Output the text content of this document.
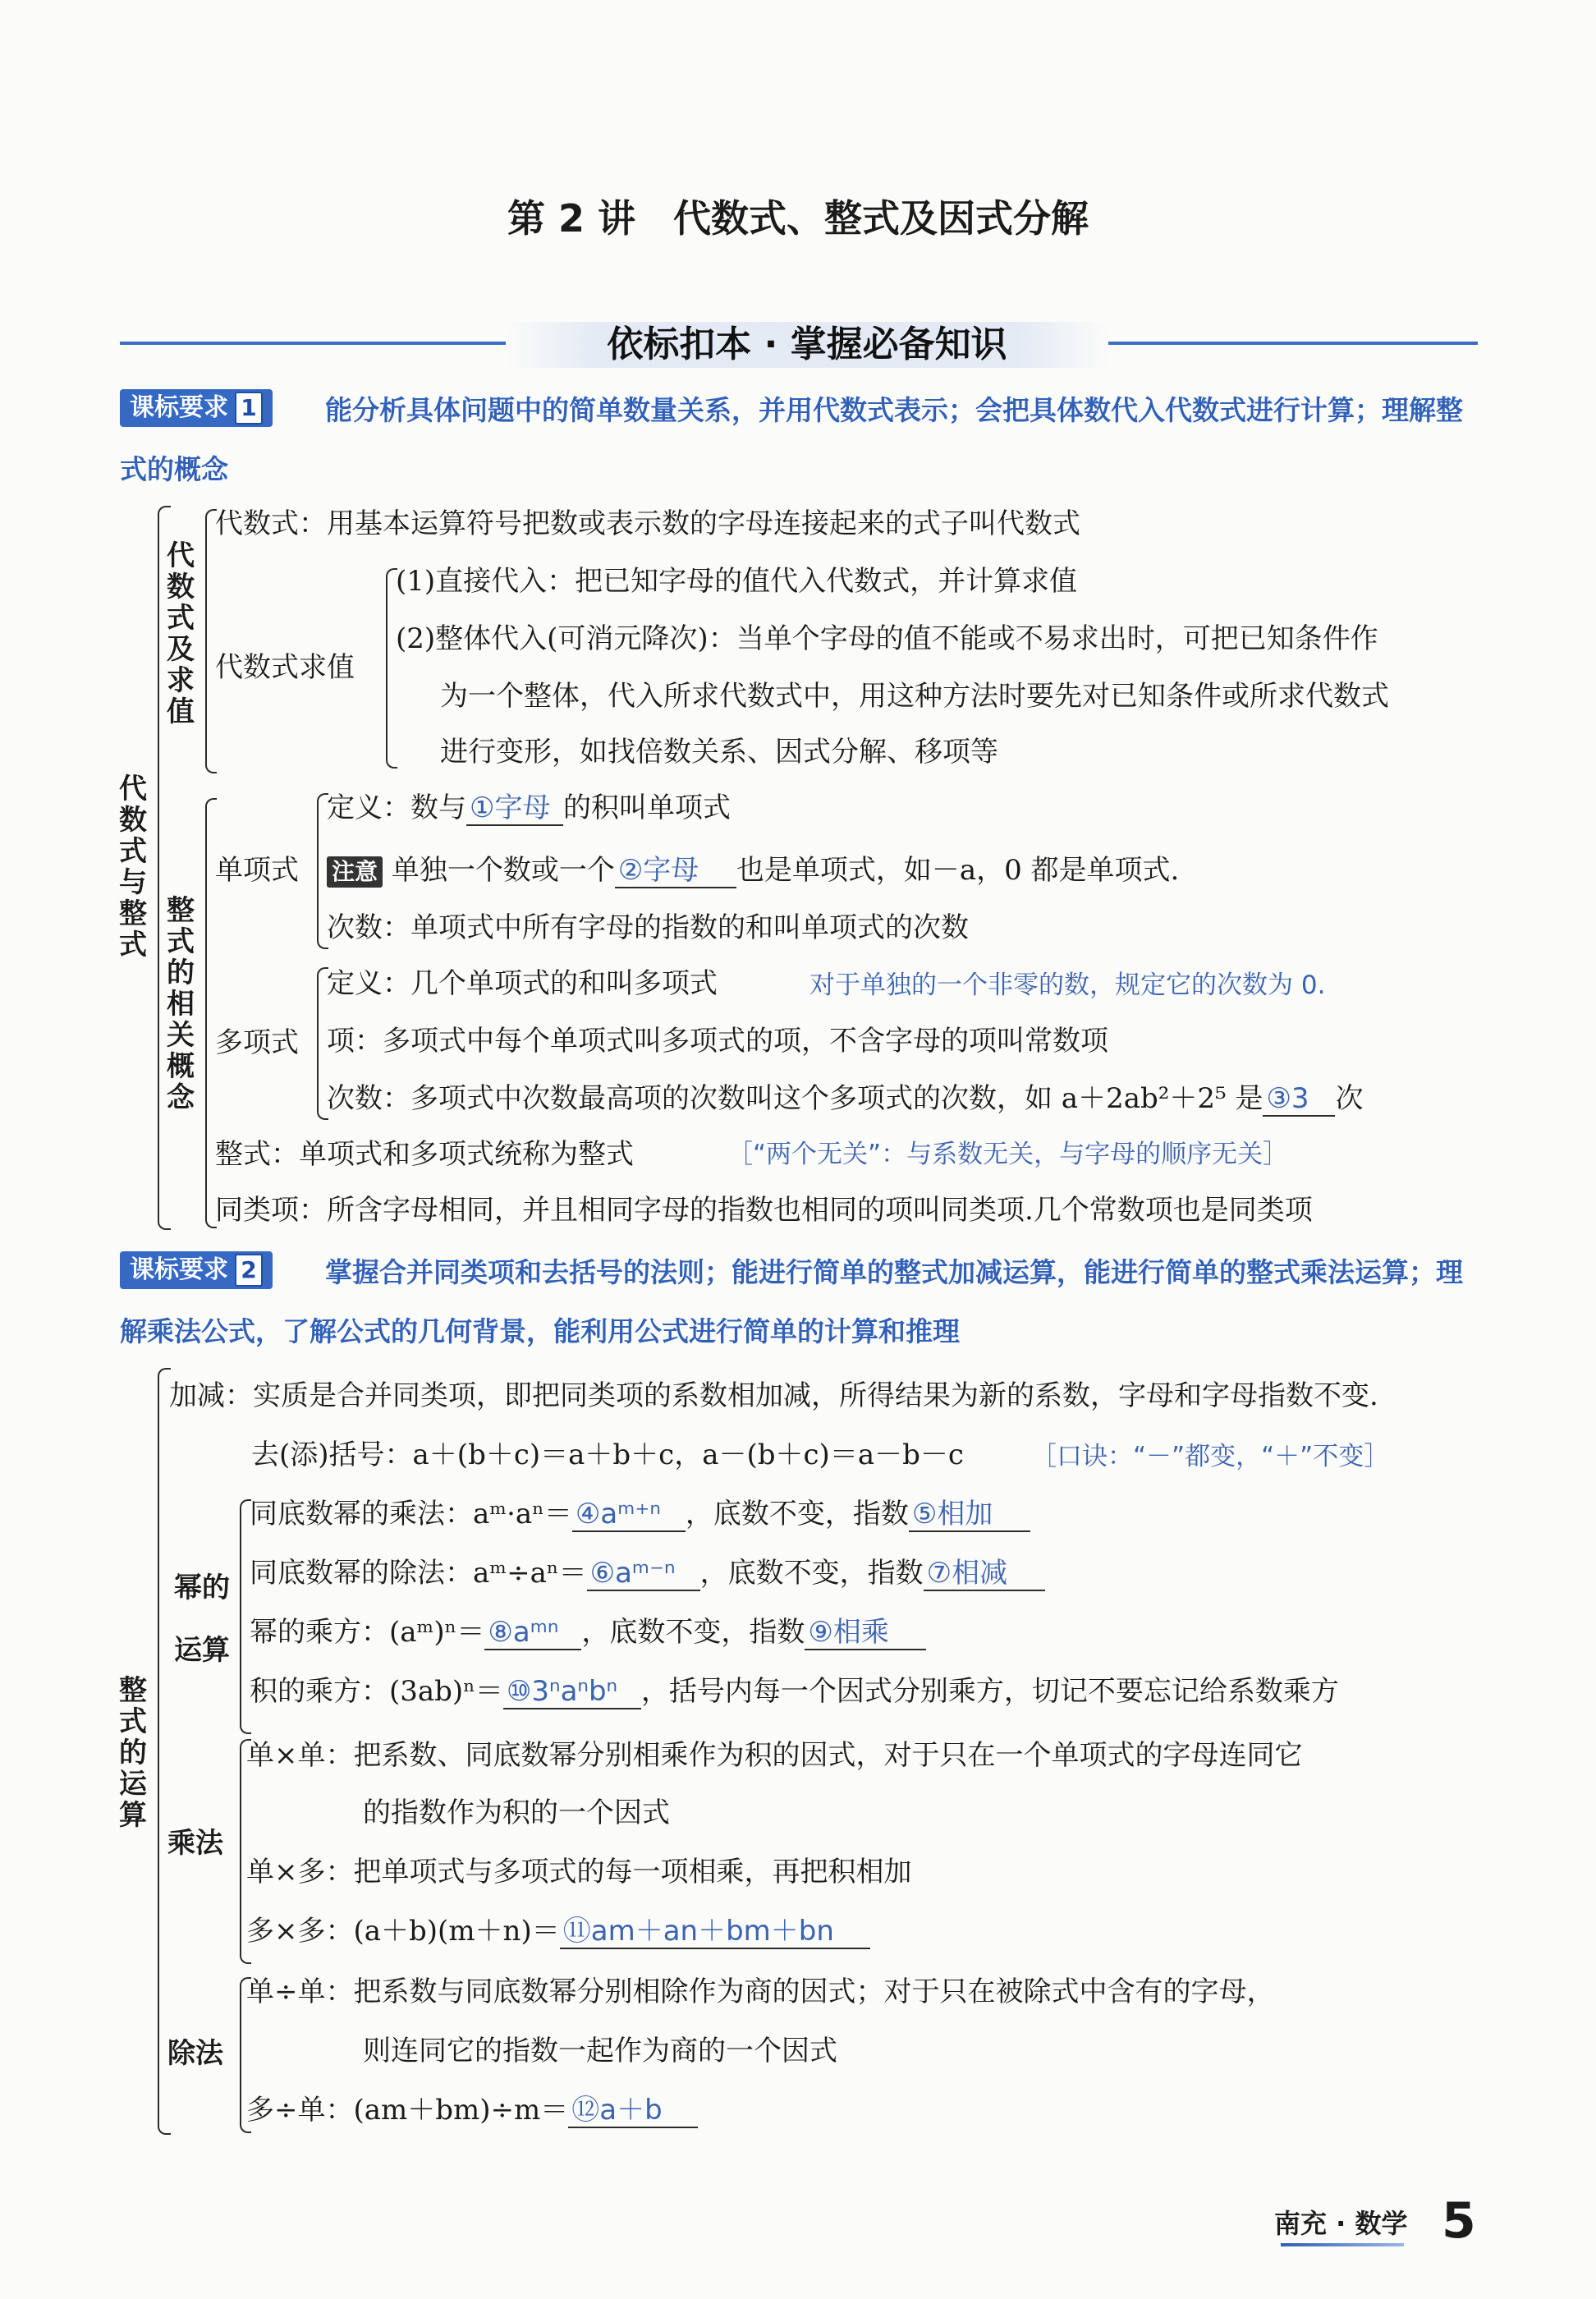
第 2 讲　代数式、整式及因式分解
依标扣本 · 掌握必备知识
课标要求 1	能分析具体问题中的简单数量关系，并用代数式表示；会把具体数代入代数式进行计算；理解整式的概念
代
数
式
与
整
式
代
数
式
及
求
值
代数式：用基本运算符号把数或表示数的字母连接起来的式子叫代数式
代数式求值
(1)直接代入：把已知字母的值代入代数式，并计算求值
(2)整体代入(可消元降次)：当单个字母的值不能或不易求出时，可把已知条件作
为一个整体，代入所求代数式中，用这种方法时要先对已知条件或所求代数式
进行变形，如找倍数关系、因式分解、移项等
整
式
的
相
关
概
念
单项式
定义：数与 ①字母 的积叫单项式
注意 单独一个数或一个 ②字母 也是单项式，如－a，0 都是单项式.
次数：单项式中所有字母的指数的和叫单项式的次数
多项式
定义：几个单项式的和叫多项式	对于单独的一个非零的数，规定它的次数为 0.
项：多项式中每个单项式叫多项式的项，不含字母的项叫常数项
次数：多项式中次数最高项的次数叫这个多项式的次数，如 a＋2ab²＋2⁵ 是 ③3 次
整式：单项式和多项式统称为整式	［“两个无关”：与系数无关，与字母的顺序无关］
同类项：所含字母相同，并且相同字母的指数也相同的项叫同类项.几个常数项也是同类项
课标要求 2	掌握合并同类项和去括号的法则；能进行简单的整式加减运算，能进行简单的整式乘法运算；理解乘法公式，了解公式的几何背景，能利用公式进行简单的计算和推理
整
式
的
运
算
加减：实质是合并同类项，即把同类项的系数相加减，所得结果为新的系数，字母和字母指数不变.
去(添)括号：a＋(b＋c)＝a＋b＋c，a－(b＋c)＝a－b－c	［口诀：“－”都变，“＋”不变］
幂的
运算
同底数幂的乘法：aᵐ·aⁿ＝ ④aᵐ⁺ⁿ ，底数不变，指数 ⑤相加
同底数幂的除法：aᵐ÷aⁿ＝ ⑥aᵐ⁻ⁿ ，底数不变，指数 ⑦相减
幂的乘方：(aᵐ)ⁿ＝ ⑧aᵐⁿ ，底数不变，指数 ⑨相乘
积的乘方：(3ab)ⁿ＝ ⑩3ⁿaⁿbⁿ ，括号内每一个因式分别乘方，切记不要忘记给系数乘方
乘法
单×单：把系数、同底数幂分别相乘作为积的因式，对于只在一个单项式的字母连同它
的指数作为积的一个因式
单×多：把单项式与多项式的每一项相乘，再把积相加
多×多：(a＋b)(m＋n)＝ ⑪am＋an＋bm＋bn
除法
单÷单：把系数与同底数幂分别相除作为商的因式；对于只在被除式中含有的字母，
则连同它的指数一起作为商的一个因式
多÷单：(am＋bm)÷m＝ ⑫a＋b
南充 · 数学 5
